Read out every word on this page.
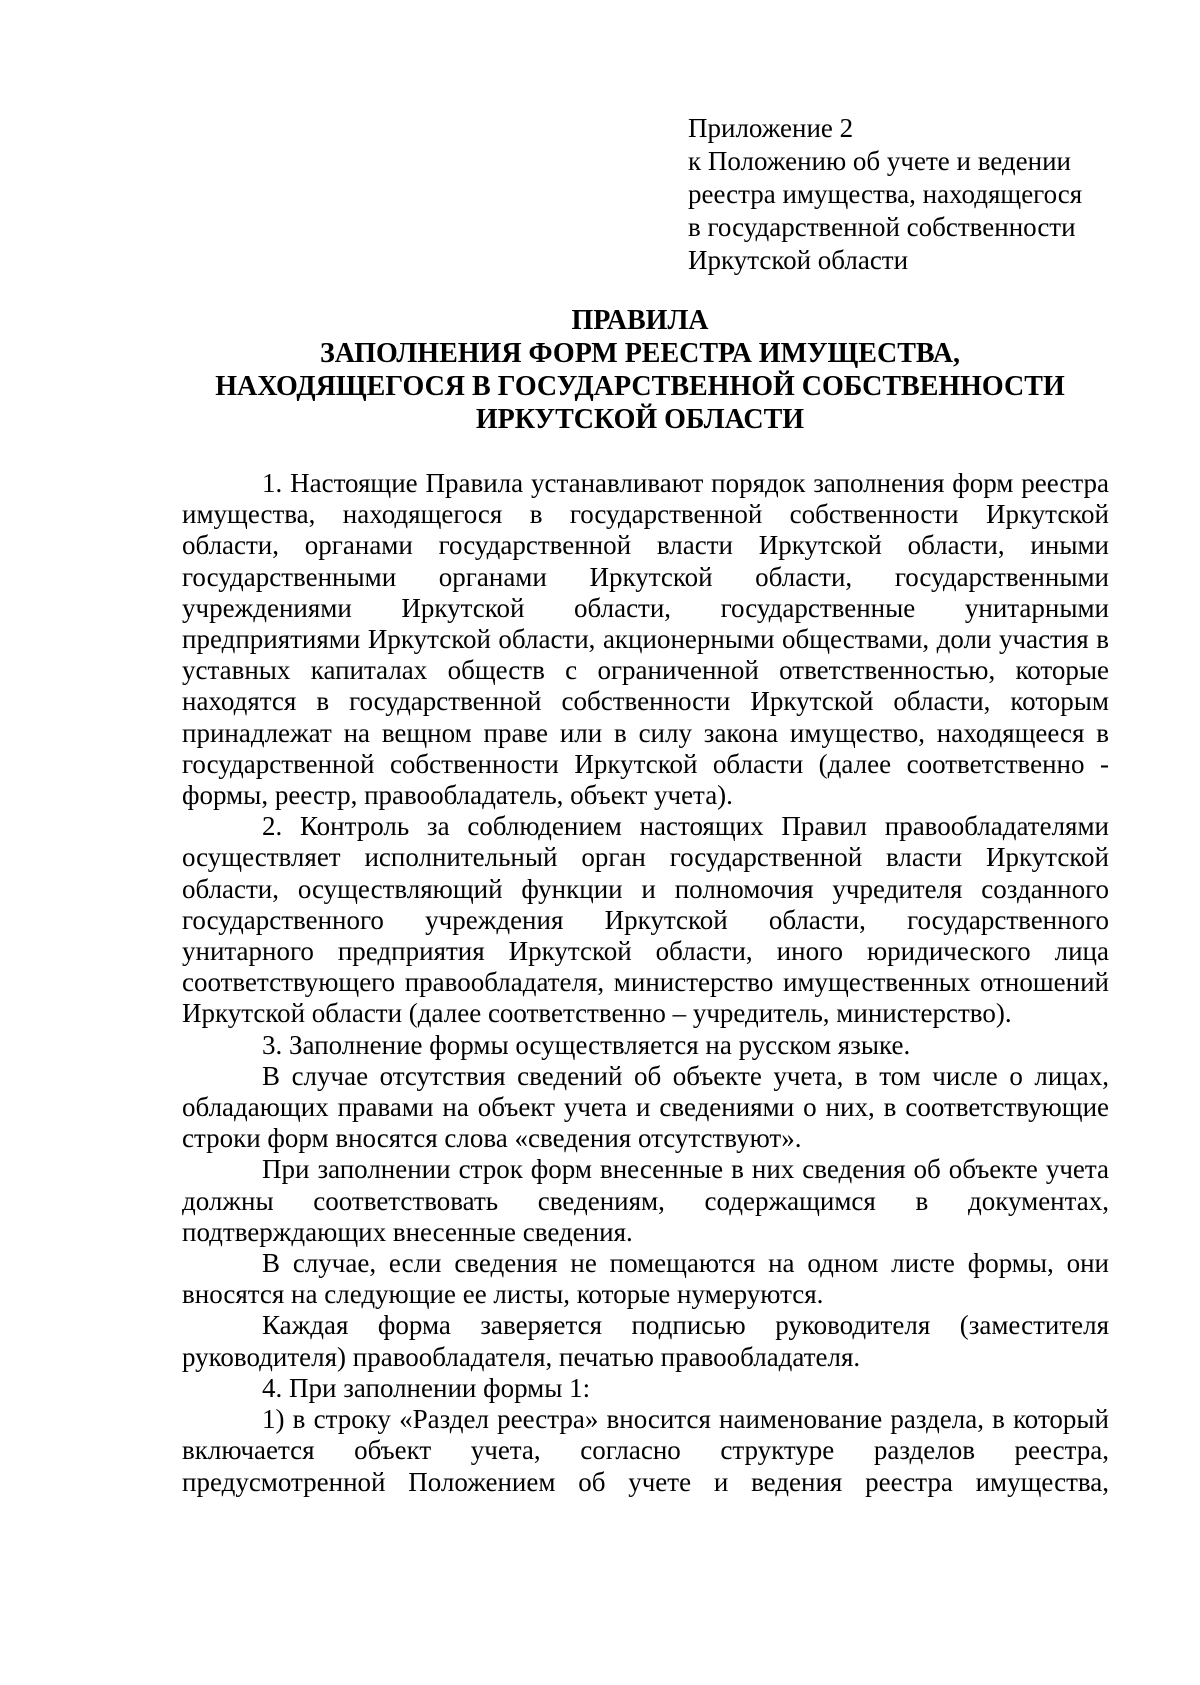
Приложение 2
к Положению об учете и ведении
реестра имущества, находящегося
в государственной собственности
Иркутской области
ПРАВИЛА
ЗАПОЛНЕНИЯ ФОРМ РЕЕСТРА ИМУЩЕСТВА,
НАХОДЯЩЕГОСЯ В ГОСУДАРСТВЕННОЙ СОБСТВЕННОСТИ
ИРКУТСКОЙ ОБЛАСТИ

1. Настоящие Правила устанавливают порядок заполнения форм реестра имущества, находящегося в государственной собственности Иркутской области, органами государственной власти Иркутской области, иными государственными органами Иркутской области, государственными учреждениями Иркутской области, государственные унитарными предприятиями Иркутской области, акционерными обществами, доли участия в уставных капиталах обществ с ограниченной ответственностью, которые находятся в государственной собственности Иркутской области, которым принадлежат на вещном праве или в силу закона имущество, находящееся в государственной собственности Иркутской области (далее соответственно - формы, реестр, правообладатель, объект учета).

2. Контроль за соблюдением настоящих Правил правообладателями осуществляет исполнительный орган государственной власти Иркутской области, осуществляющий функции и полномочия учредителя созданного государственного учреждения Иркутской области, государственного унитарного предприятия Иркутской области, иного юридического лица соответствующего правообладателя, министерство имущественных отношений Иркутской области (далее соответственно – учредитель, министерство).

3. Заполнение формы осуществляется на русском языке.

В случае отсутствия сведений об объекте учета, в том числе о лицах, обладающих правами на объект учета и сведениями о них, в соответствующие строки форм вносятся слова «сведения отсутствуют».

При заполнении строк форм внесенные в них сведения об объекте учета должны соответствовать сведениям, содержащимся в документах, подтверждающих внесенные сведения.

В случае, если сведения не помещаются на одном листе формы, они вносятся на следующие ее листы, которые нумеруются.

Каждая форма заверяется подписью руководителя (заместителя руководителя) правообладателя, печатью правообладателя.

4. При заполнении формы 1:

1) в строку «Раздел реестра» вносится наименование раздела, в который включается объект учета, согласно структуре разделов реестра, предусмотренной Положением об учете и ведения реестра имущества,
